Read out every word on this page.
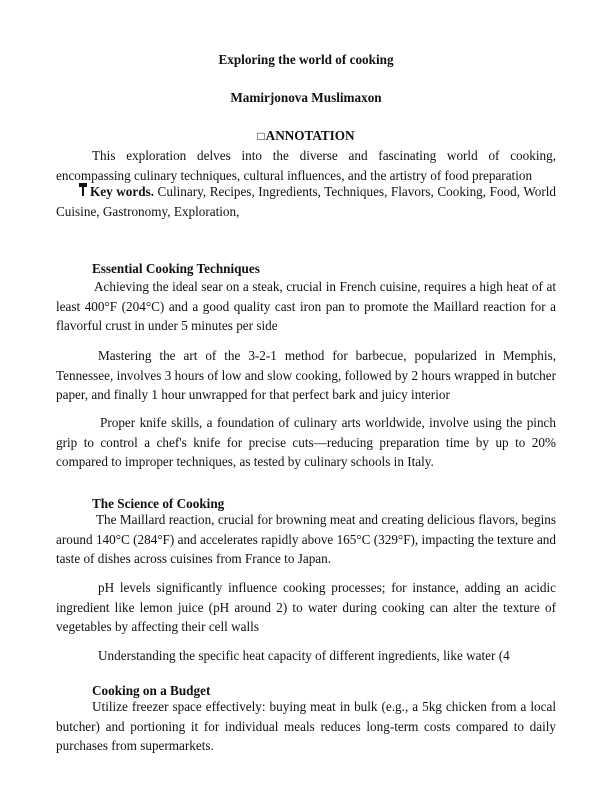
Exploring the world of cooking
Mamirjonova Muslimaxon
□ANNOTATION

This exploration delves into the diverse and fascinating world of cooking, encompassing culinary techniques, cultural influences, and the artistry of food preparation

Key words. Culinary, Recipes, Ingredients, Techniques, Flavors, Cooking, Food, World Cuisine, Gastronomy, Exploration,

Essential Cooking Techniques

Achieving the ideal sear on a steak, crucial in French cuisine, requires a high heat of at least 400°F (204°C) and a good quality cast iron pan to promote the Maillard reaction for a flavorful crust in under 5 minutes per side

Mastering the art of the 3-2-1 method for barbecue, popularized in Memphis, Tennessee, involves 3 hours of low and slow cooking, followed by 2 hours wrapped in butcher paper, and finally 1 hour unwrapped for that perfect bark and juicy interior

Proper knife skills, a foundation of culinary arts worldwide, involve using the pinch grip to control a chef's knife for precise cuts—reducing preparation time by up to 20% compared to improper techniques, as tested by culinary schools in Italy.

The Science of Cooking

The Maillard reaction, crucial for browning meat and creating delicious flavors, begins around 140°C (284°F) and accelerates rapidly above 165°C (329°F), impacting the texture and taste of dishes across cuisines from France to Japan.

pH levels significantly influence cooking processes; for instance, adding an acidic ingredient like lemon juice (pH around 2) to water during cooking can alter the texture of vegetables by affecting their cell walls

Understanding the specific heat capacity of different ingredients, like water (4

Cooking on a Budget

Utilize freezer space effectively: buying meat in bulk (e.g., a 5kg chicken from a local butcher) and portioning it for individual meals reduces long-term costs compared to daily purchases from supermarkets.
